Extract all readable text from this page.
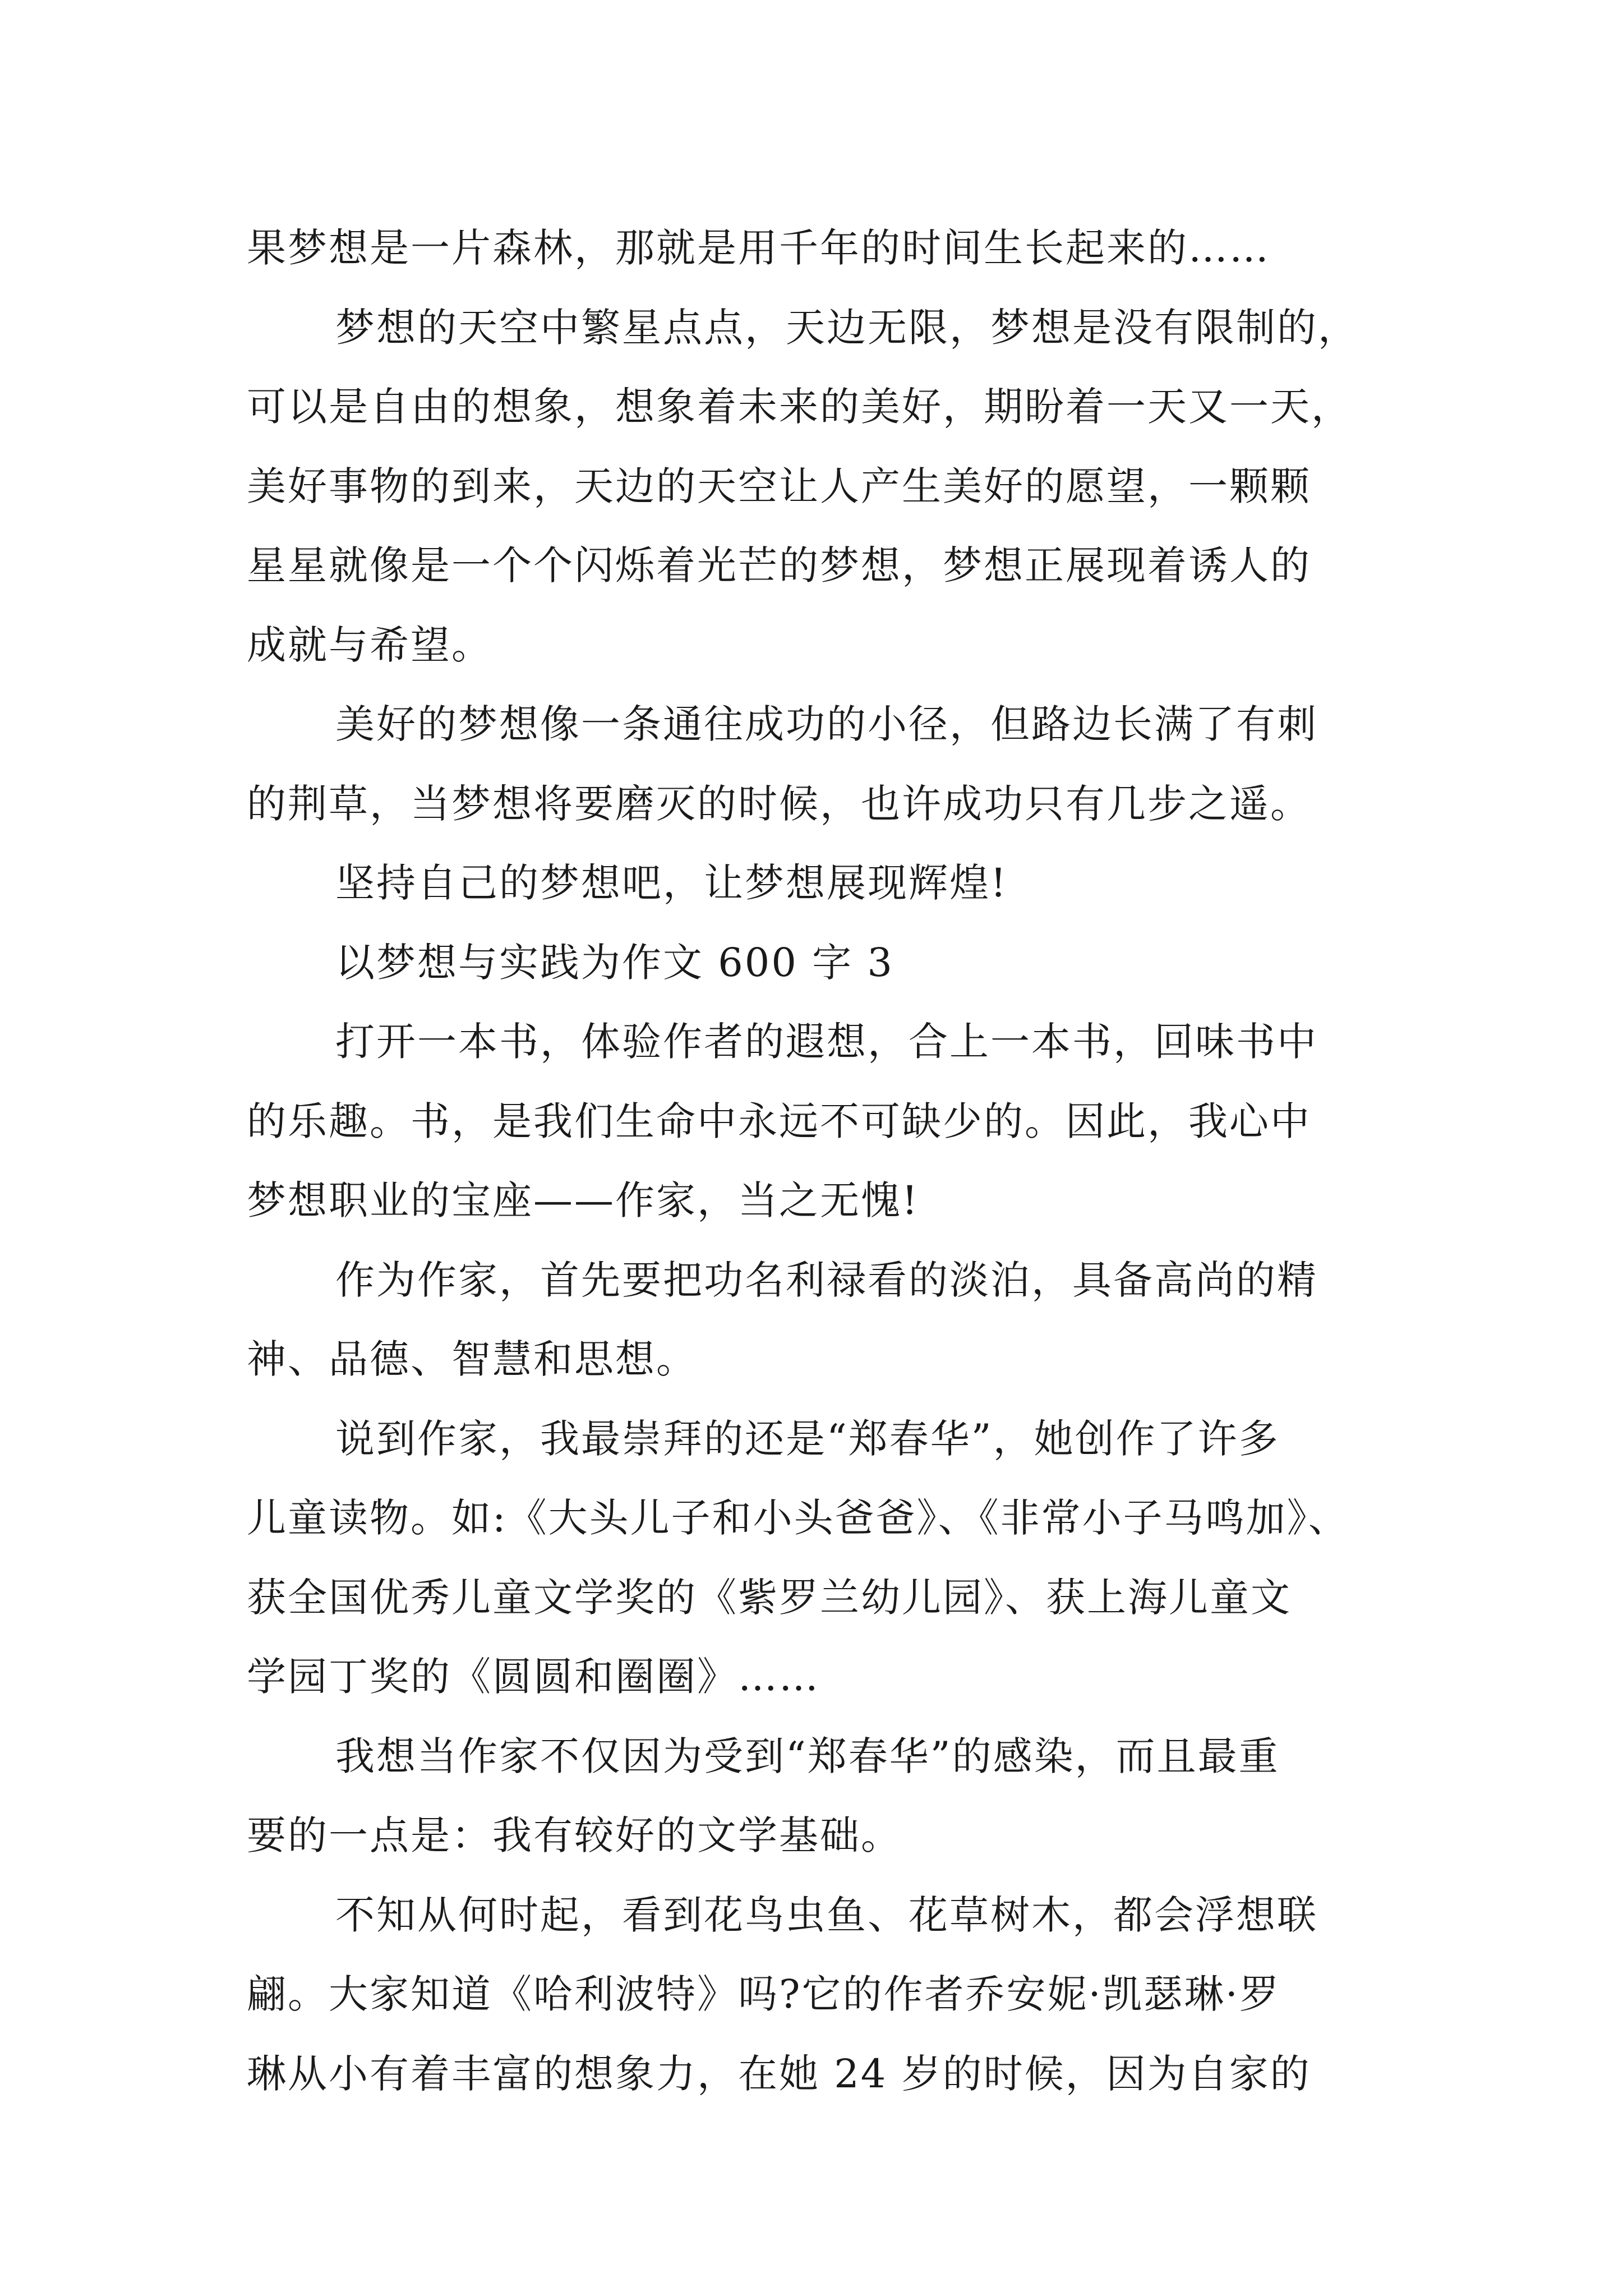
果梦想是一片森林，那就是用千年的时间生长起来的……
梦想的天空中繁星点点，天边无限，梦想是没有限制的，
可以是自由的想象，想象着未来的美好，期盼着一天又一天，
美好事物的到来，天边的天空让人产生美好的愿望，一颗颗
星星就像是一个个闪烁着光芒的梦想，梦想正展现着诱人的
成就与希望。
美好的梦想像一条通往成功的小径，但路边长满了有刺
的荆草，当梦想将要磨灭的时候，也许成功只有几步之遥。
坚持自己的梦想吧，让梦想展现辉煌!
以梦想与实践为作文 600 字 3
打开一本书，体验作者的遐想，合上一本书，回味书中
的乐趣。书，是我们生命中永远不可缺少的。因此，我心中
梦想职业的宝座——作家，当之无愧!
作为作家，首先要把功名利禄看的淡泊，具备高尚的精
神、品德、智慧和思想。
说到作家，我最崇拜的还是“郑春华”，她创作了许多
儿童读物。如:《大头儿子和小头爸爸》、《非常小子马鸣加》、
获全国优秀儿童文学奖的《紫罗兰幼儿园》、获上海儿童文
学园丁奖的《圆圆和圈圈》……
我想当作家不仅因为受到“郑春华”的感染，而且最重
要的一点是：我有较好的文学基础。
不知从何时起，看到花鸟虫鱼、花草树木，都会浮想联
翩。大家知道《哈利波特》吗?它的作者乔安妮·凯瑟琳·罗
琳从小有着丰富的想象力，在她 24 岁的时候，因为自家的
